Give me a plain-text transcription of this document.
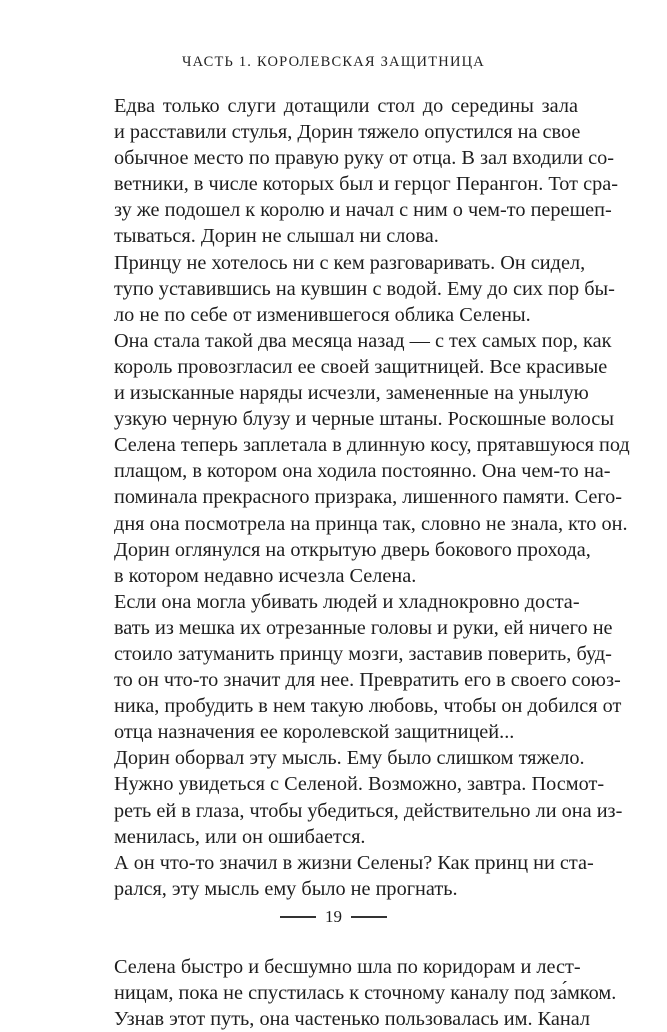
ЧАСТЬ 1. КОРОЛЕВСКАЯ ЗАЩИТНИЦА

Едва только слуги дотащили стол до середины зала
и расставили стулья, Дорин тяжело опустился на свое
обычное место по правую руку от отца. В зал входили со-
ветники, в числе которых был и герцог Перангон. Тот сра-
зу же подошел к королю и начал с ним о чем-то перешеп-
тываться. Дорин не слышал ни слова.

Принцу не хотелось ни с кем разговаривать. Он сидел,
тупо уставившись на кувшин с водой. Ему до сих пор бы-
ло не по себе от изменившегося облика Селены.

Она стала такой два месяца назад — с тех самых пор, как
король провозгласил ее своей защитницей. Все красивые
и изысканные наряды исчезли, замененные на унылую
узкую черную блузу и черные штаны. Роскошные волосы
Селена теперь заплетала в длинную косу, прятавшуюся под
плащом, в котором она ходила постоянно. Она чем-то на-
поминала прекрасного призрака, лишенного памяти. Сего-
дня она посмотрела на принца так, словно не знала, кто он.

Дорин оглянулся на открытую дверь бокового прохода,
в котором недавно исчезла Селена.

Если она могла убивать людей и хладнокровно доста-
вать из мешка их отрезанные головы и руки, ей ничего не
стоило затуманить принцу мозги, заставив поверить, буд-
то он что-то значит для нее. Превратить его в своего союз-
ника, пробудить в нем такую любовь, чтобы он добился от
отца назначения ее королевской защитницей...

Дорин оборвал эту мысль. Ему было слишком тяжело.
Нужно увидеться с Селеной. Возможно, завтра. Посмот-
реть ей в глаза, чтобы убедиться, действительно ли она из-
менилась, или он ошибается.

А он что-то значил в жизни Селены? Как принц ни ста-
рался, эту мысль ему было не прогнать.

Селена быстро и бесшумно шла по коридорам и лест-
ницам, пока не спустилась к сточному каналу под за́мком.
Узнав этот путь, она частенько пользовалась им. Канал

19
